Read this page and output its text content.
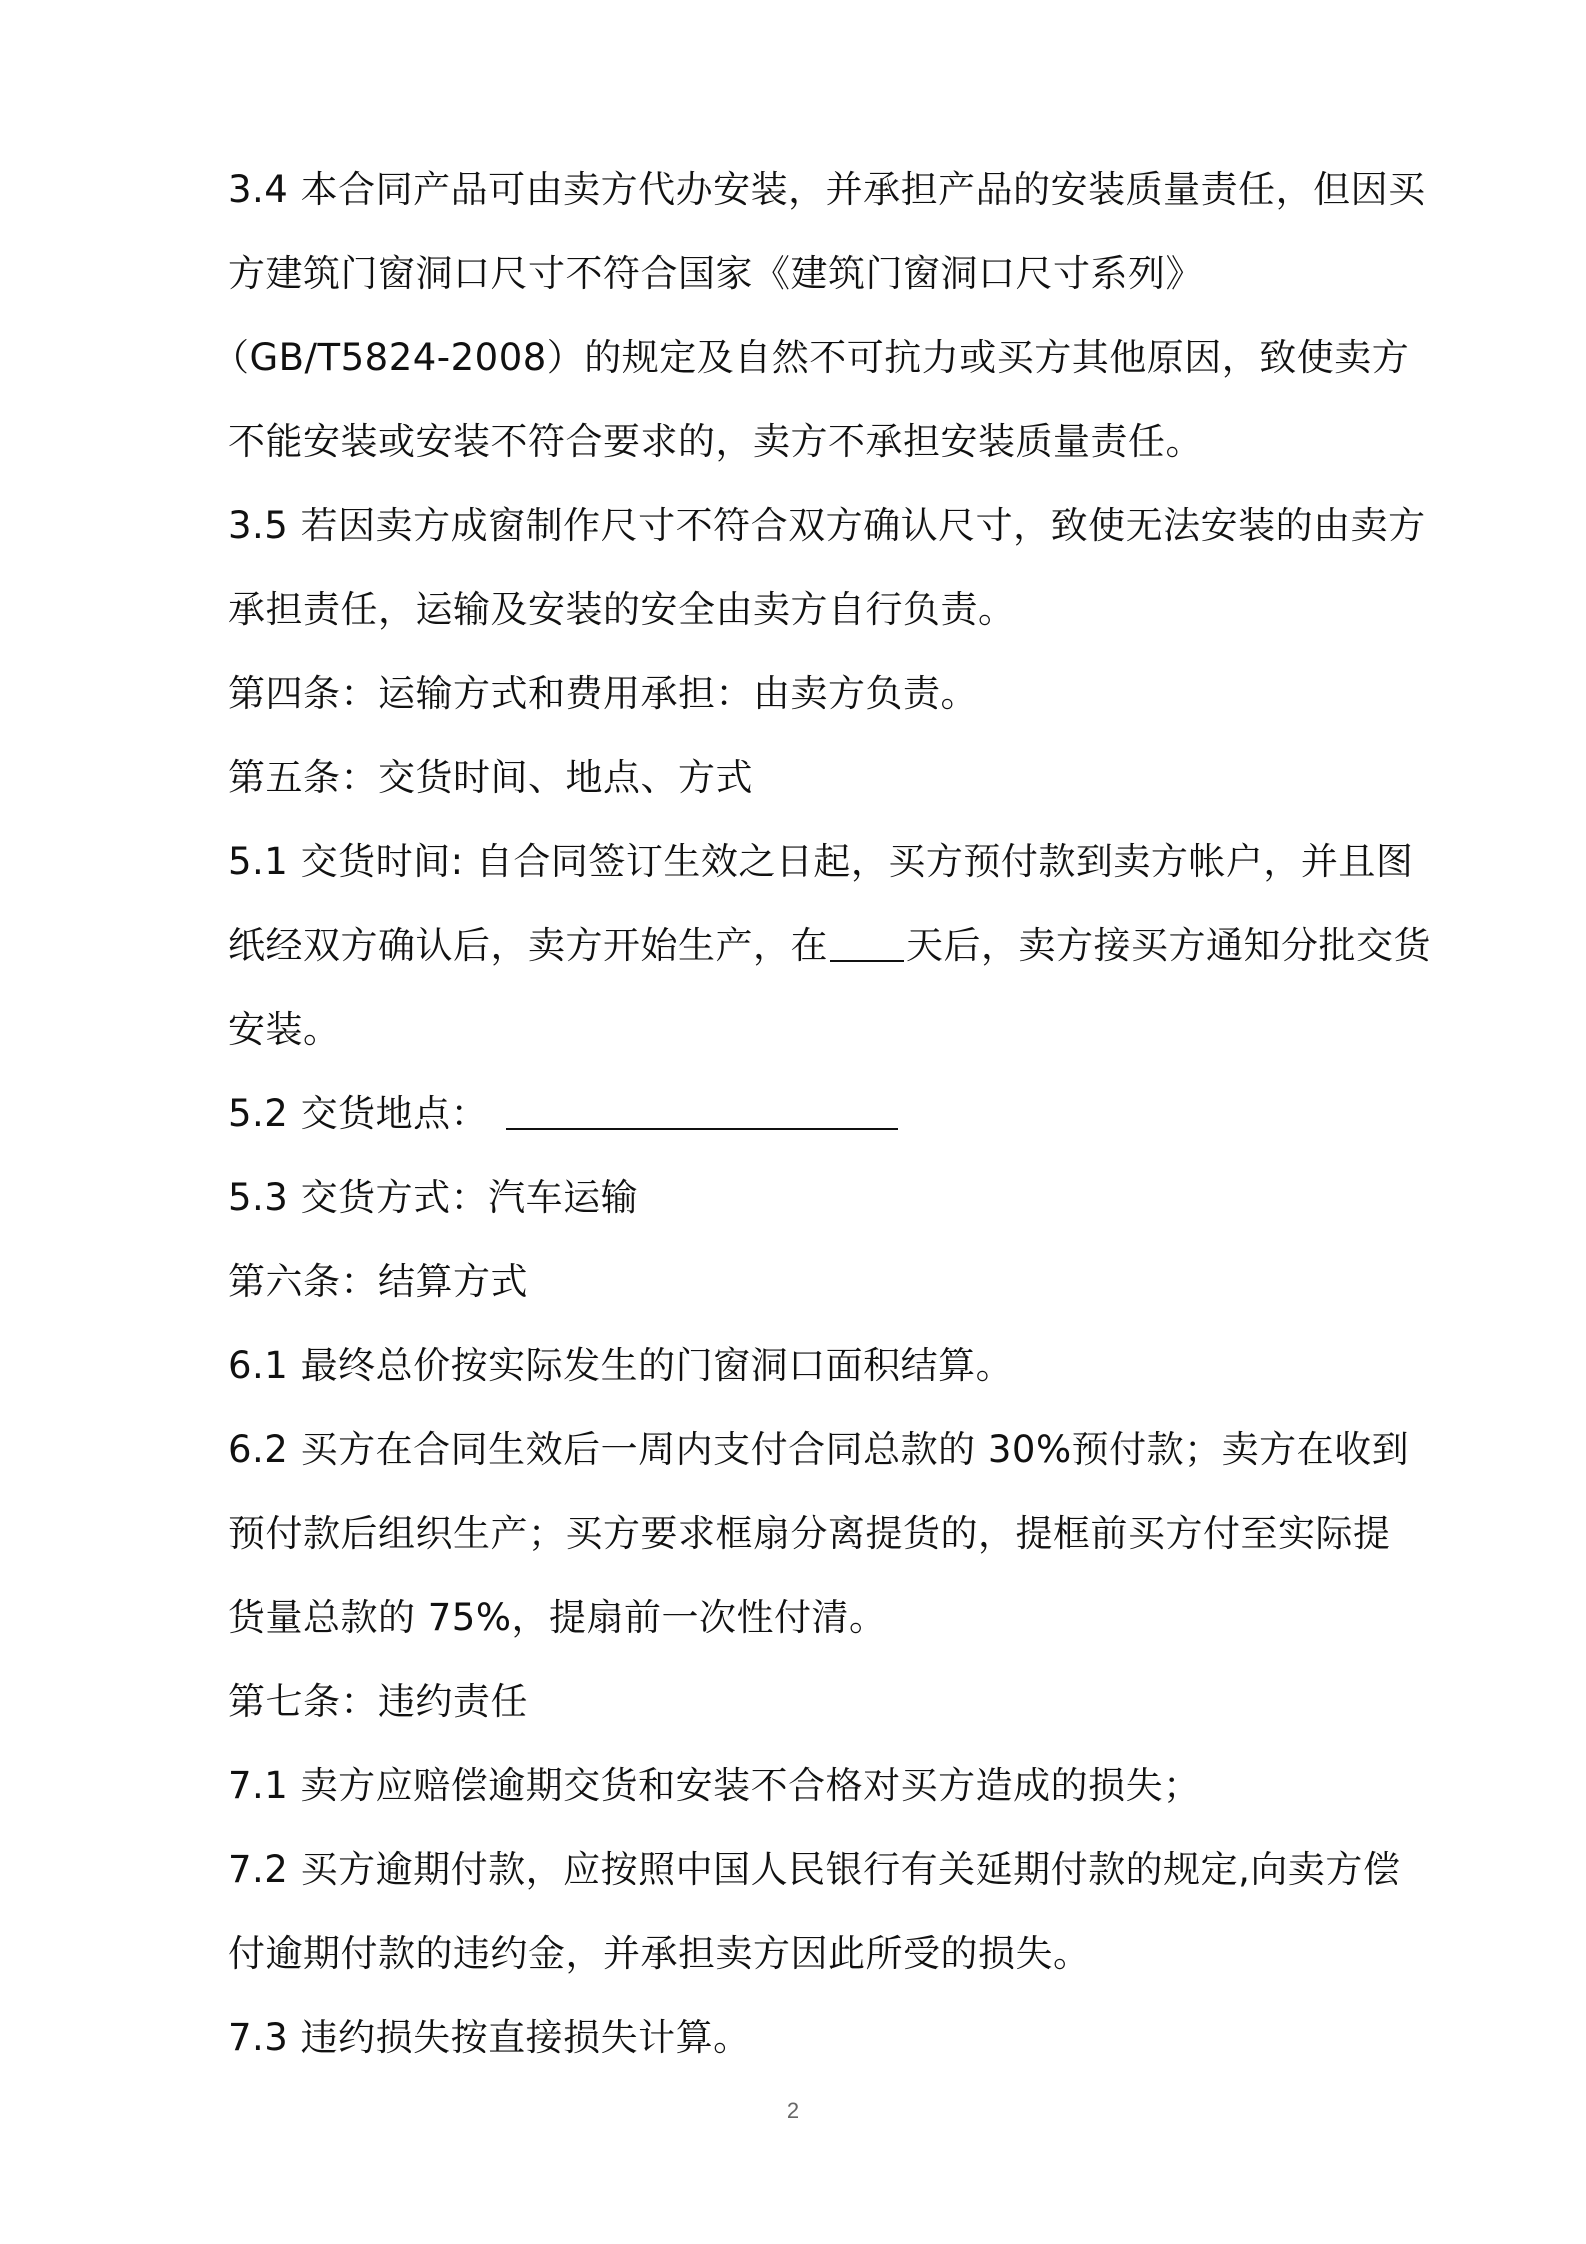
3.4 本合同产品可由卖方代办安装，并承担产品的安装质量责任，但因买
方建筑门窗洞口尺寸不符合国家《建筑门窗洞口尺寸系列》
（GB/T5824-2008）的规定及自然不可抗力或买方其他原因，致使卖方
不能安装或安装不符合要求的，卖方不承担安装质量责任。
3.5 若因卖方成窗制作尺寸不符合双方确认尺寸，致使无法安装的由卖方
承担责任，运输及安装的安全由卖方自行负责。
第四条：运输方式和费用承担：由卖方负责。
第五条：交货时间、地点、方式
5.1 交货时间: 自合同签订生效之日起，买方预付款到卖方帐户，并且图
纸经双方确认后，卖方开始生产，在 天后，卖方接买方通知分批交货
安装。
5.2 交货地点：
5.3 交货方式：汽车运输
第六条：结算方式
6.1 最终总价按实际发生的门窗洞口面积结算。
6.2 买方在合同生效后一周内支付合同总款的 30%预付款；卖方在收到
预付款后组织生产；买方要求框扇分离提货的，提框前买方付至实际提
货量总款的 75%，提扇前一次性付清。
第七条：违约责任
7.1 卖方应赔偿逾期交货和安装不合格对买方造成的损失；
7.2 买方逾期付款，应按照中国人民银行有关延期付款的规定,向卖方偿
付逾期付款的违约金，并承担卖方因此所受的损失。
7.3 违约损失按直接损失计算。
2
